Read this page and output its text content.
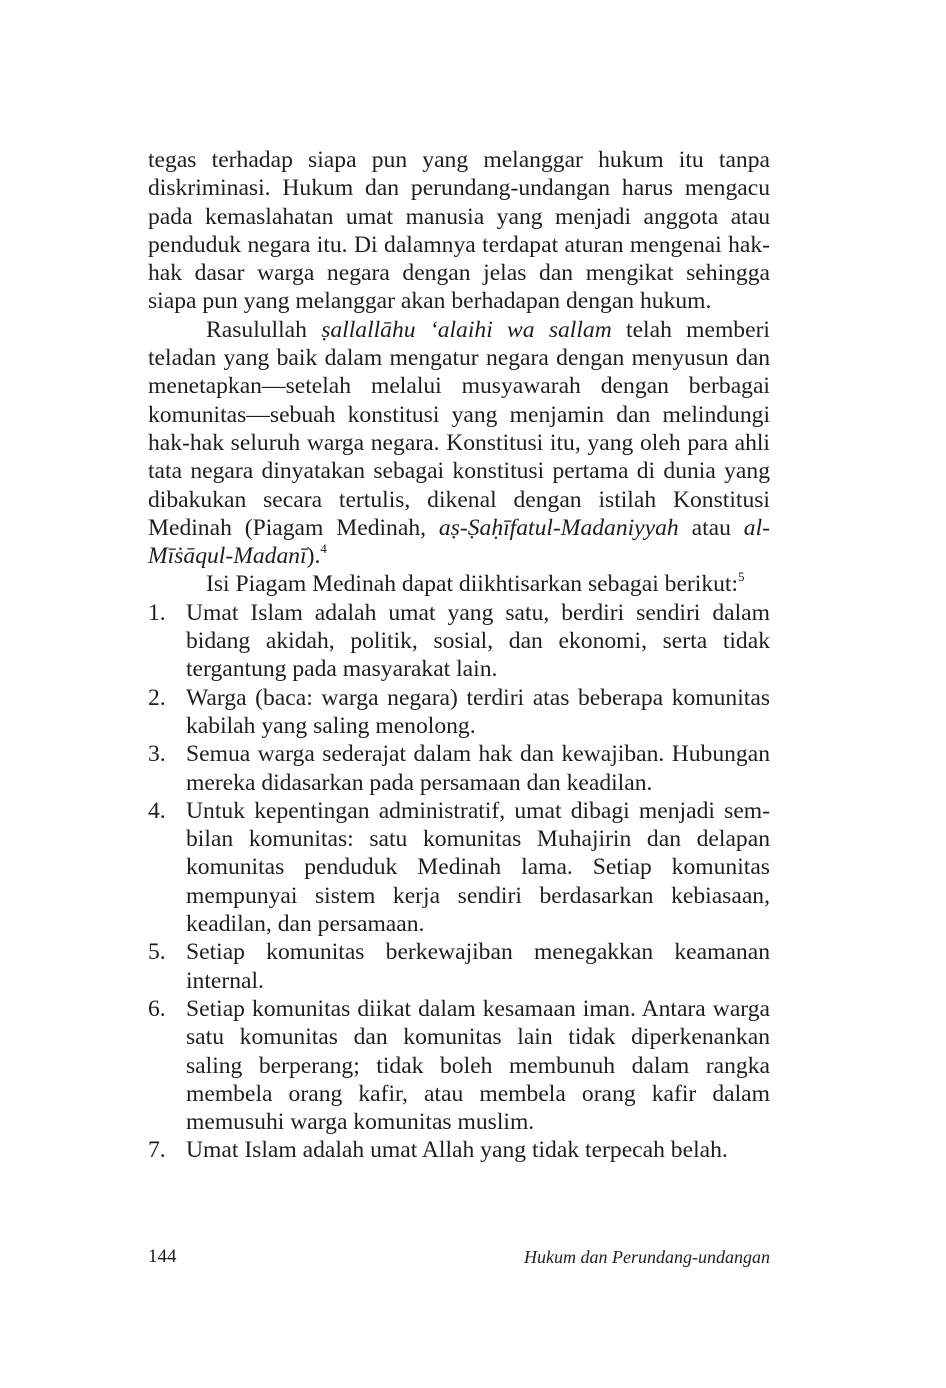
tegas terhadap siapa pun yang melanggar hukum itu tanpa diskriminasi. Hukum dan perundang-undangan harus mengacu pada kemaslahatan umat manusia yang menjadi anggota atau penduduk negara itu. Di dalamnya terdapat aturan mengenai hak-hak dasar warga negara dengan jelas dan mengikat sehingga siapa pun yang melanggar akan berhadapan dengan hukum.

Rasulullah ṣallallāhu ‘alaihi wa sallam telah memberi teladan yang baik dalam mengatur negara dengan menyusun dan menetapkan—setelah melalui musyawarah dengan berbagai komunitas—sebuah konstitusi yang menjamin dan melindungi hak-hak seluruh warga negara. Konstitusi itu, yang oleh para ahli tata negara dinyatakan sebagai konstitusi pertama di dunia yang dibakukan secara tertulis, dikenal dengan istilah Konstitusi Medinah (Piagam Medinah, aṣ-Ṣaḥīfatul-Madaniyyah atau al-Mīṡāqul-Madanī).$^4$

Isi Piagam Medinah dapat diikhtisarkan sebagai berikut:$^5$

1. Umat Islam adalah umat yang satu, berdiri sendiri dalam bidang akidah, politik, sosial, dan ekonomi, serta tidak tergantung pada masyarakat lain.
2. Warga (baca: warga negara) terdiri atas beberapa komunitas kabilah yang saling menolong.
3. Semua warga sederajat dalam hak dan kewajiban. Hubungan mereka didasarkan pada persamaan dan keadilan.
4. Untuk kepentingan administratif, umat dibagi menjadi sembilan komunitas: satu komunitas Muhajirin dan delapan komunitas penduduk Medinah lama. Setiap komunitas mempunyai sistem kerja sendiri berdasarkan kebiasaan, keadilan, dan persamaan.
5. Setiap komunitas berkewajiban menegakkan keamanan internal.
6. Setiap komunitas diikat dalam kesamaan iman. Antara warga satu komunitas dan komunitas lain tidak diperkenankan saling berperang; tidak boleh membunuh dalam rangka membela orang kafir, atau membela orang kafir dalam memusuhi warga komunitas muslim.
7. Umat Islam adalah umat Allah yang tidak terpecah belah.
144	Hukum dan Perundang-undangan
